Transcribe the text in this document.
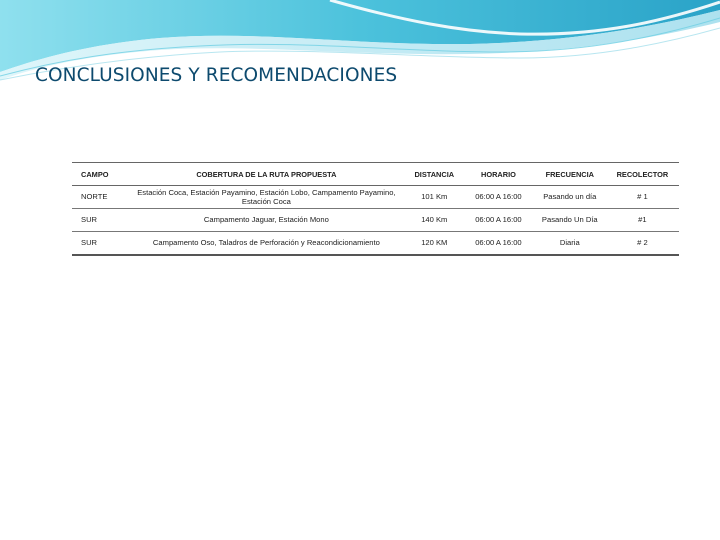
CONCLUSIONES Y RECOMENDACIONES
CAMPO	COBERTURA DE LA RUTA PROPUESTA	DISTANCIA	HORARIO	FRECUENCIA	RECOLECTOR
NORTE	Estación Coca, Estación Payamino, Estación Lobo, Campamento Payamino, Estación Coca	101 Km	06:00 A 16:00	Pasando un día	# 1
SUR	Campamento Jaguar, Estación Mono	140 Km	06:00 A 16:00	Pasando Un Día	#1
SUR	Campamento Oso, Taladros de Perforación y Reacondicionamiento	120 KM	06:00 A 16:00	Diaria	# 2
